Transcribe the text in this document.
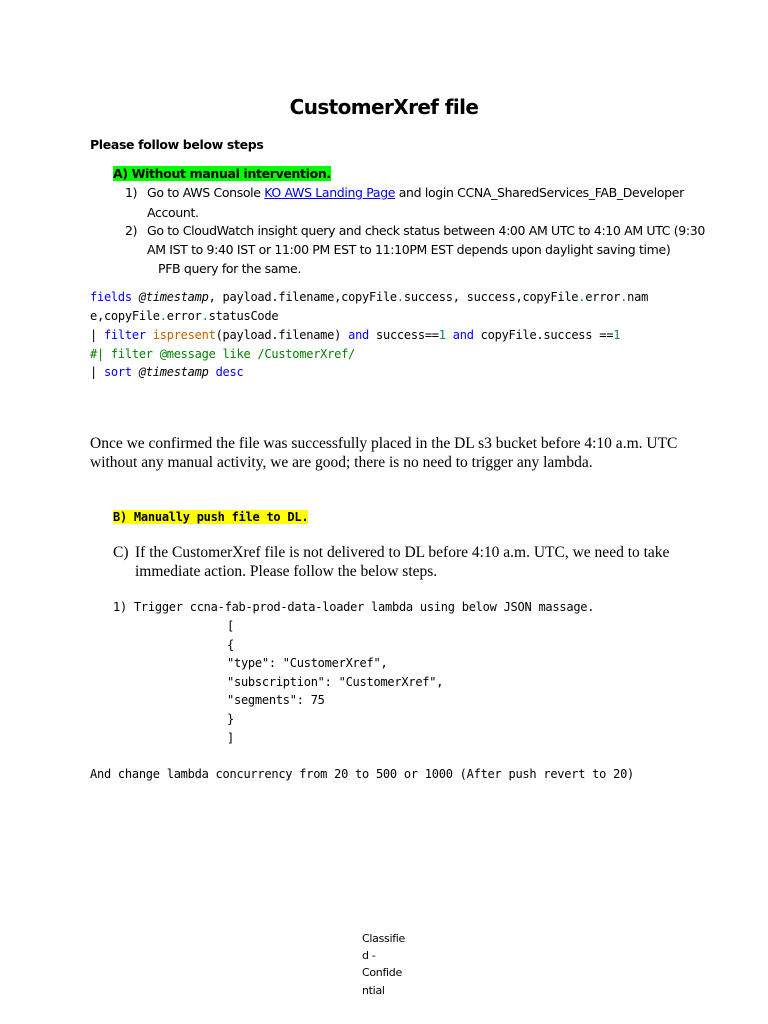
CustomerXref file
Please follow below steps
A) Without manual intervention.
1) Go to AWS Console KO AWS Landing Page and login CCNA_SharedServices_FAB_Developer
Account.
2) Go to CloudWatch insight query and check status between 4:00 AM UTC to 4:10 AM UTC (9:30
AM IST to 9:40 IST or 11:00 PM EST to 11:10PM EST depends upon daylight saving time)
PFB query for the same.
fields @timestamp, payload.filename,copyFile.success, success,copyFile.error.nam
e,copyFile.error.statusCode
| filter ispresent(payload.filename) and success==1 and copyFile.success ==1
#| filter @message like /CustomerXref/
| sort @timestamp desc
Once we confirmed the file was successfully placed in the DL s3 bucket before 4:10 a.m. UTC
without any manual activity, we are good; there is no need to trigger any lambda.
B) Manually push file to DL.
C) If the CustomerXref file is not delivered to DL before 4:10 a.m. UTC, we need to take
immediate action. Please follow the below steps.
1) Trigger ccna-fab-prod-data-loader lambda using below JSON massage.
[
{
"type": "CustomerXref",
"subscription": "CustomerXref",
"segments": 75
}
]
And change lambda concurrency from 20 to 500 or 1000 (After push revert to 20)
Classifie
d -
Confide
ntial
